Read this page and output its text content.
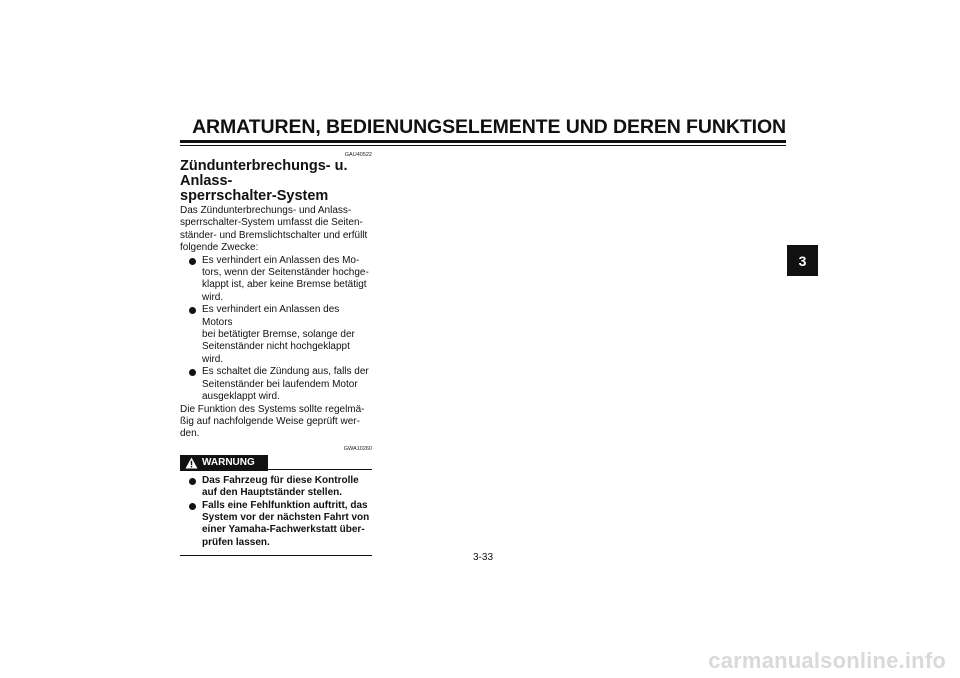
ARMATUREN, BEDIENUNGSELEMENTE UND DEREN FUNKTION
3
GAU40522
Zündunterbrechungs- u. Anlass-
sperrschalter-System
Das Zündunterbrechungs- und Anlass-
sperrschalter-System umfasst die Seiten-
ständer- und Bremslichtschalter und erfüllt
folgende Zwecke:
Es verhindert ein Anlassen des Mo-
tors, wenn der Seitenständer hochge-
klappt ist, aber keine Bremse betätigt
wird.
Es verhindert ein Anlassen des Motors
bei betätigter Bremse, solange der
Seitenständer nicht hochgeklappt
wird.
Es schaltet die Zündung aus, falls der
Seitenständer bei laufendem Motor
ausgeklappt wird.
Die Funktion des Systems sollte regelmä-
ßig auf nachfolgende Weise geprüft wer-
den.
GWA10260
WARNUNG
Das Fahrzeug für diese Kontrolle
auf den Hauptständer stellen.
Falls eine Fehlfunktion auftritt, das
System vor der nächsten Fahrt von
einer Yamaha-Fachwerkstatt über-
prüfen lassen.
3-33
carmanualsonline.info
